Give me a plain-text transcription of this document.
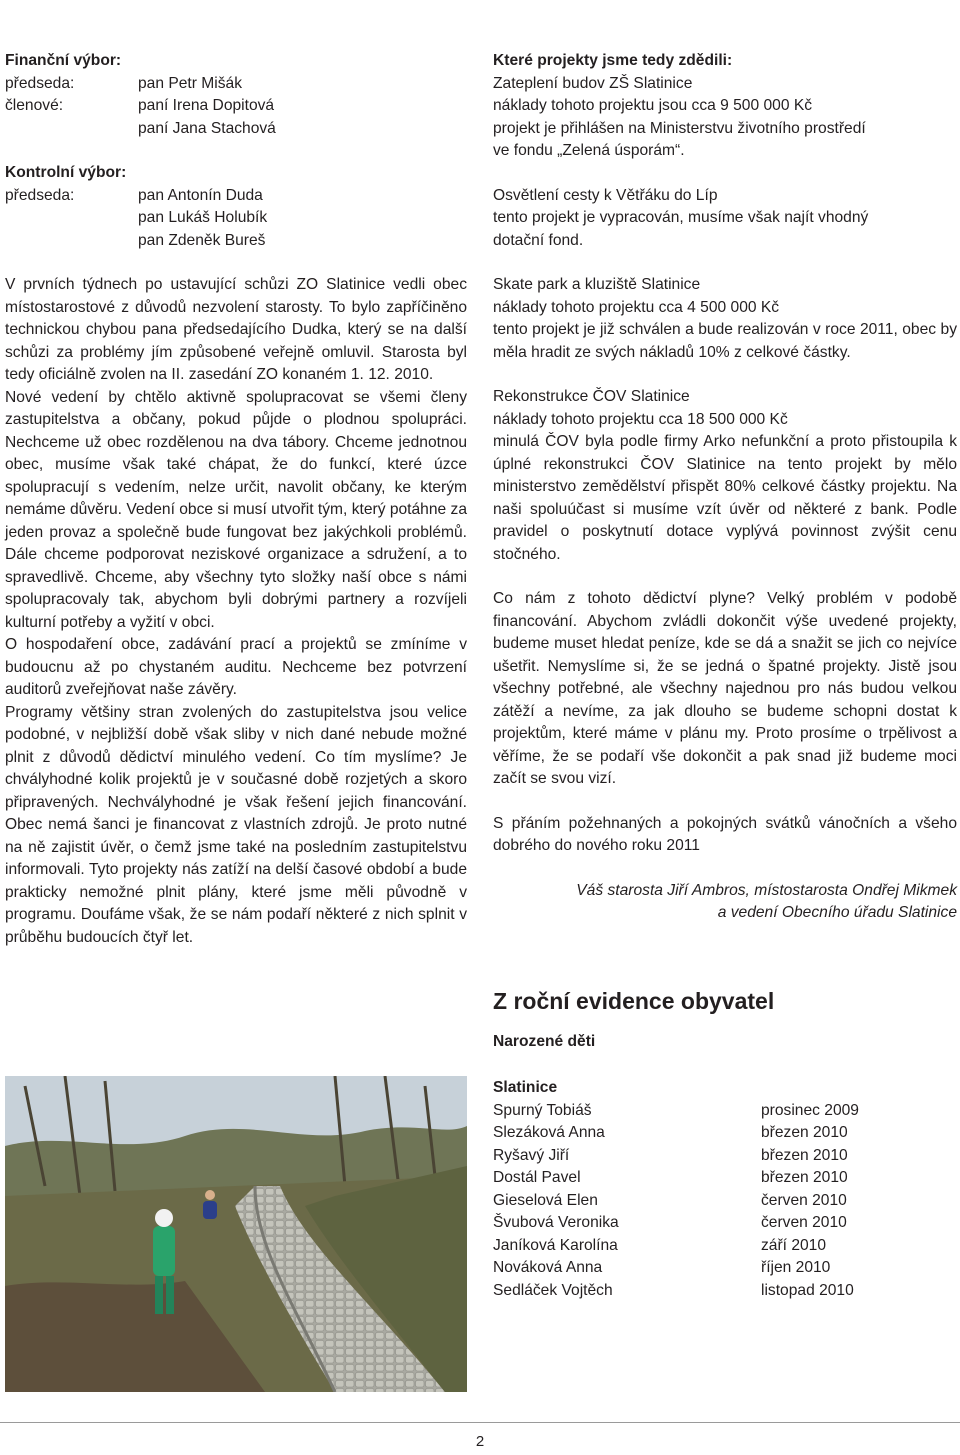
Finanční výbor:
předseda:	pan Petr Mišák
členové:	paní Irena Dopitová
paní Jana Stachová
Kontrolní výbor:
předseda:	pan Antonín Duda
pan Lukáš Holubík
pan Zdeněk Bureš

V prvních týdnech po ustavující schůzi ZO Slatinice vedli obec místostarostové z důvodů nezvolení starosty. To bylo zapříčiněno technickou chybou pana předsedajícího Dudka, který se na další schůzi za problémy jím způsobené veřejně omluvil. Starosta byl tedy oficiálně zvolen na II. zasedání ZO konaném 1. 12. 2010.

Nové vedení by chtělo aktivně spolupracovat se všemi členy zastupitelstva a občany, pokud půjde o plodnou spolupráci. Nechceme už obec rozdělenou na dva tábory. Chceme jednotnou obec, musíme však také chápat, že do funkcí, které úzce spolupracují s vedením, nelze určit, navolit občany, ke kterým nemáme důvěru. Vedení obce si musí utvořit tým, který potáhne za jeden provaz a společně bude fungovat bez jakýchkoli problémů. Dále chceme podporovat neziskové organizace a sdružení, a to spravedlivě. Chceme, aby všechny tyto složky naší obce s námi spolupracovaly tak, abychom byli dobrými partnery a rozvíjeli kulturní potřeby a vyžití v obci.

O hospodaření obce, zadávání prací a projektů se zmíníme v budoucnu až po chystaném auditu. Nechceme bez potvrzení auditorů zveřejňovat naše závěry.

Programy většiny stran zvolených do zastupitelstva jsou velice podobné, v nejbližší době však sliby v nich dané nebude možné plnit z důvodů dědictví minulého vedení. Co tím myslíme? Je chvályhodné kolik projektů je v současné době rozjetých a skoro připravených. Nechvályhodné je však řešení jejich financování. Obec nemá šanci je financovat z vlastních zdrojů. Je proto nutné na ně zajistit úvěr, o čemž jsme také na posledním zastupitelstvu informovali. Tyto projekty nás zatíží na delší časové období a bude prakticky nemožné plnit plány, které jsme měli původně v programu. Doufáme však, že se nám podaří některé z nich splnit v průběhu budoucích čtyř let.

Které projekty jsme tedy zdědili:
Zateplení budov ZŠ Slatinice
náklady tohoto projektu jsou cca 9 500 000 Kč
projekt je přihlášen na Ministerstvu životního prostředí
ve fondu „Zelená úsporám“.
Osvětlení cesty k Větřáku do Líp
tento projekt je vypracován, musíme však najít vhodný
dotační fond.
Skate park a kluziště Slatinice
náklady tohoto projektu cca 4 500 000 Kč

tento projekt je již schválen a bude realizován v roce 2011, obec by měla hradit ze svých nákladů 10% z celkové částky.

Rekonstrukce ČOV Slatinice
náklady tohoto projektu cca 18 500 000 Kč

minulá ČOV byla podle firmy Arko nefunkční a proto přistoupila k úplné rekonstrukci ČOV Slatinice na tento projekt by mělo ministerstvo zemědělství přispět 80% celkové částky projektu. Na naši spoluúčast si musíme vzít úvěr od některé z bank. Podle pravidel o poskytnutí dotace vyplývá povinnost zvýšit cenu stočného.

Co nám z tohoto dědictví plyne? Velký problém v podobě financování. Abychom zvládli dokončit výše uvedené projekty, budeme muset hledat peníze, kde se dá a snažit se jich co nejvíce ušetřit. Nemyslíme si, že se jedná o špatné projekty. Jistě jsou všechny potřebné, ale všechny najednou pro nás budou velkou zátěží a nevíme, za jak dlouho se budeme schopni dostat k projektům, které máme v plánu my. Proto prosíme o trpělivost a věříme, že se podaří vše dokončit a pak snad již budeme moci začít se svou vizí.

S přáním požehnaných a pokojných svátků vánočních a všeho dobrého do nového roku 2011

Váš starosta Jiří Ambros, místostarosta Ondřej Mikmek

a vedení Obecního úřadu Slatinice

Z roční evidence obyvatel

Narozené děti
Slatinice
Spurný Tobiáš	prosinec 2009
Slezáková Anna	březen 2010
Ryšavý Jiří	březen 2010
Dostál Pavel	březen 2010
Gieselová Elen	červen 2010
Švubová Veronika	červen 2010
Janíková Karolína	září 2010
Nováková Anna	říjen 2010
Sedláček Vojtěch	listopad 2010
2
